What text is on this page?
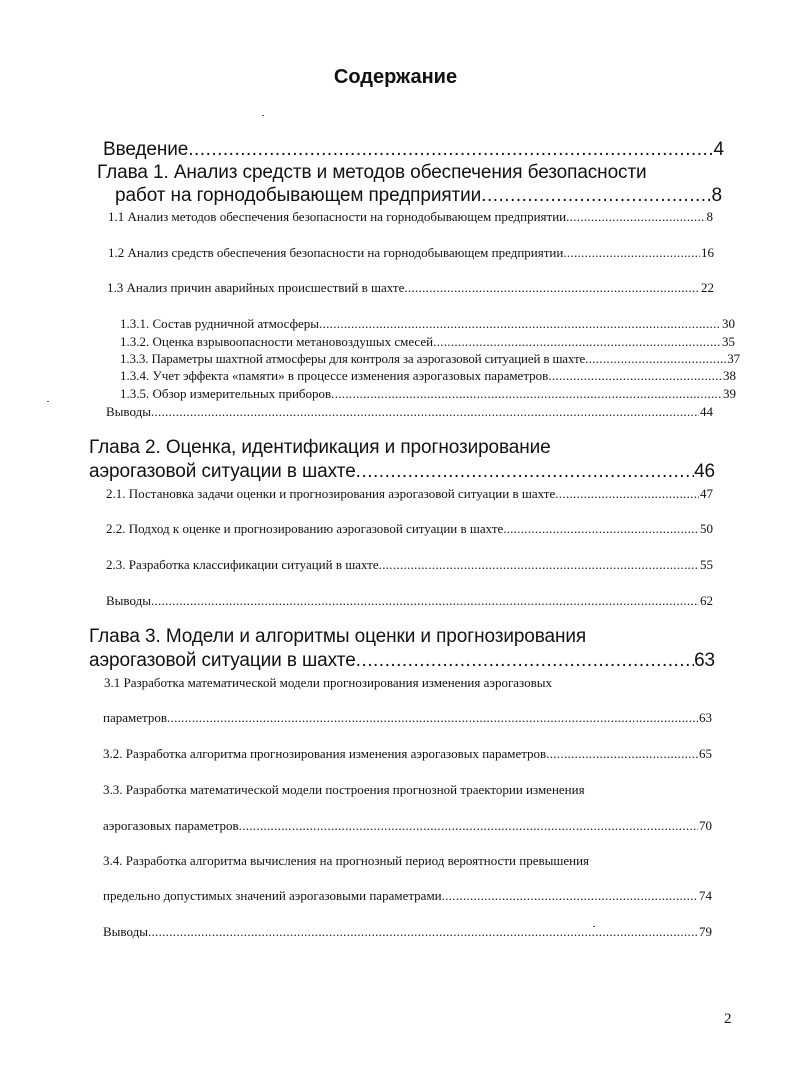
Содержание
Введение .....	4
Глава 1. Анализ средств и методов обеспечения безопасности
работ на горнодобывающем предприятии .....	8
1.1 Анализ методов обеспечения безопасности на горнодобывающем предприятии .....	8
1.2 Анализ средств обеспечения безопасности на горнодобывающем предприятии .....	16
1.3 Анализ причин аварийных происшествий в шахте .....	22
1.3.1. Состав рудничной атмосферы .....	30
1.3.2. Оценка взрывоопасности метановоздушых смесей .....	35
1.3.3. Параметры шахтной атмосферы для контроля за аэрогазовой ситуацией в шахте .....	37
1.3.4. Учет эффекта «памяти» в процессе изменения аэрогазовых параметров .....	38
1.3.5. Обзор измерительных приборов .....	39
Выводы .....	44
Глава 2. Оценка, идентификация и прогнозирование
аэрогазовой ситуации в шахте .....	46
2.1. Постановка задачи оценки и прогнозирования аэрогазовой ситуации в шахте .....	47
2.2. Подход к оценке и прогнозированию аэрогазовой ситуации в шахте. .....	50
2.3. Разработка классификации ситуаций в шахте .....	55
Выводы .....	62
Глава 3. Модели и алгоритмы оценки и прогнозирования
аэрогазовой ситуации в шахте .....	63
3.1 Разработка математической модели прогнозирования изменения аэрогазовых
параметров .....	63
3.2. Разработка алгоритма прогнозирования изменения аэрогазовых параметров .....	65
3.3. Разработка математической модели построения прогнозной траектории изменения
аэрогазовых параметров .....	70
3.4. Разработка алгоритма вычисления на прогнозный период вероятности превышения
предельно допустимых значений аэрогазовыми параметрами .....	74
Выводы .....	79
2
